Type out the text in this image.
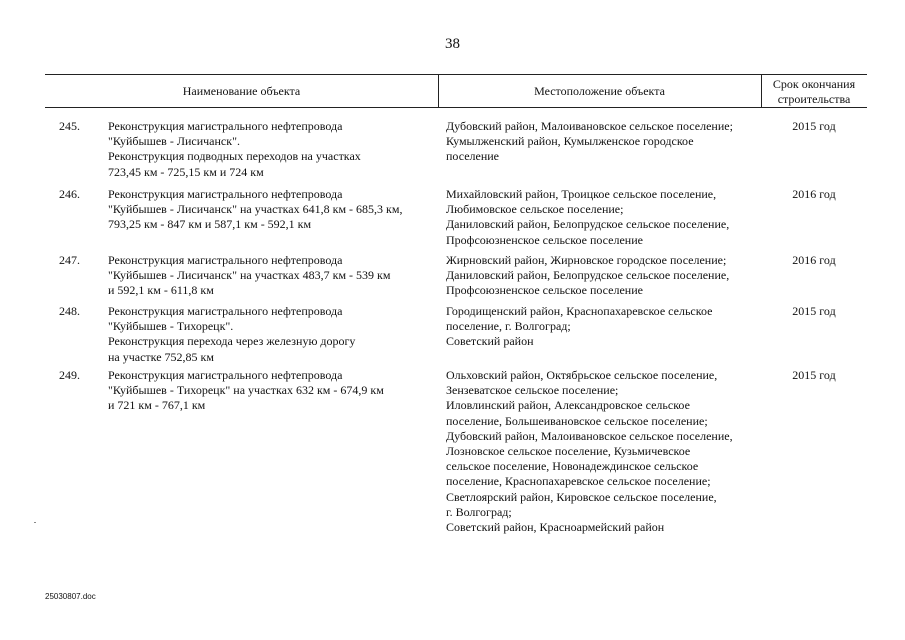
38
Наименование объекта	Местоположение объекта	Срок окончания
строительства
245. Реконструкция магистрального нефтепровода
"Куйбышев - Лисичанск".
Реконструкция подводных переходов на участках
723,45 км - 725,15 км и 724 км
Дубовский район, Малоивановское сельское поселение;
Кумылженский район, Кумылженское городское
поселение
2015 год
246. Реконструкция магистрального нефтепровода
"Куйбышев - Лисичанск" на участках 641,8 км - 685,3 км,
793,25 км - 847 км и 587,1 км - 592,1 км
Михайловский район, Троицкое сельское поселение,
Любимовское сельское поселение;
Даниловский район, Белопрудское сельское поселение,
Профсоюзненское сельское поселение
2016 год
247. Реконструкция магистрального нефтепровода
"Куйбышев - Лисичанск" на участках 483,7 км - 539 км
и 592,1 км - 611,8 км
Жирновский район, Жирновское городское поселение;
Даниловский район, Белопрудское сельское поселение,
Профсоюзненское сельское поселение
2016 год
248. Реконструкция магистрального нефтепровода
"Куйбышев - Тихорецк".
Реконструкция перехода через железную дорогу
на участке 752,85 км
Городищенский район, Краснопахаревское сельское
поселение, г. Волгоград;
Советский район
2015 год
249. Реконструкция магистрального нефтепровода
"Куйбышев - Тихорецк" на участках 632 км - 674,9 км
и 721 км - 767,1 км
Ольховский район, Октябрьское сельское поселение,
Зензеватское сельское поселение;
Иловлинский район, Александровское сельское
поселение, Большеивановское сельское поселение;
Дубовский район, Малоивановское сельское поселение,
Лозновское сельское поселение, Кузьмичевское
сельское поселение, Новонадеждинское сельское
поселение, Краснопахаревское сельское поселение;
Светлоярский район, Кировское сельское поселение,
г. Волгоград;
Советский район, Красноармейский район
2015 год
25030807.doc
